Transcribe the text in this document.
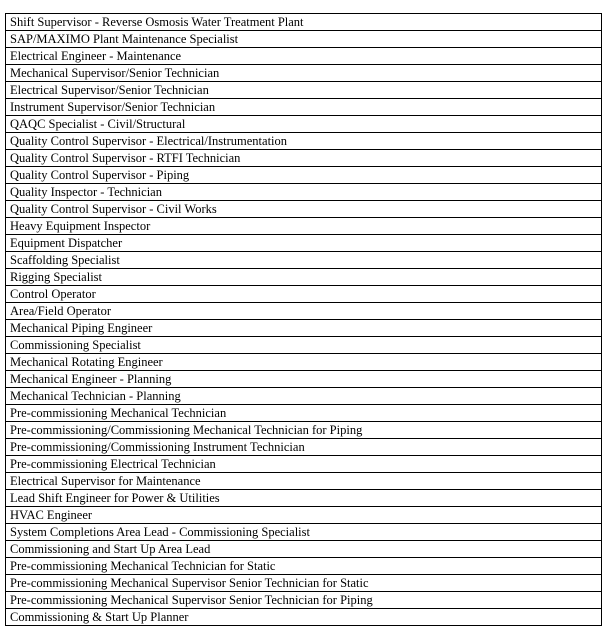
Shift Supervisor - Reverse Osmosis Water Treatment Plant
SAP/MAXIMO Plant Maintenance Specialist
Electrical Engineer - Maintenance
Mechanical Supervisor/Senior Technician
Electrical Supervisor/Senior Technician
Instrument Supervisor/Senior Technician
QAQC Specialist - Civil/Structural
Quality Control Supervisor - Electrical/Instrumentation
Quality Control Supervisor - RTFI Technician
Quality Control Supervisor - Piping
Quality Inspector - Technician
Quality Control Supervisor - Civil Works
Heavy Equipment Inspector
Equipment Dispatcher
Scaffolding Specialist
Rigging Specialist
Control Operator
Area/Field Operator
Mechanical Piping Engineer
Commissioning Specialist
Mechanical Rotating Engineer
Mechanical Engineer - Planning
Mechanical Technician - Planning
Pre-commissioning Mechanical Technician
Pre-commissioning/Commissioning Mechanical Technician for Piping
Pre-commissioning/Commissioning Instrument Technician
Pre-commissioning Electrical Technician
Electrical Supervisor for Maintenance
Lead Shift Engineer for Power & Utilities
HVAC Engineer
System Completions Area Lead - Commissioning Specialist
Commissioning and Start Up Area Lead
Pre-commissioning Mechanical Technician for Static
Pre-commissioning Mechanical Supervisor Senior Technician for Static
Pre-commissioning Mechanical Supervisor Senior Technician for Piping
Commissioning & Start Up Planner
